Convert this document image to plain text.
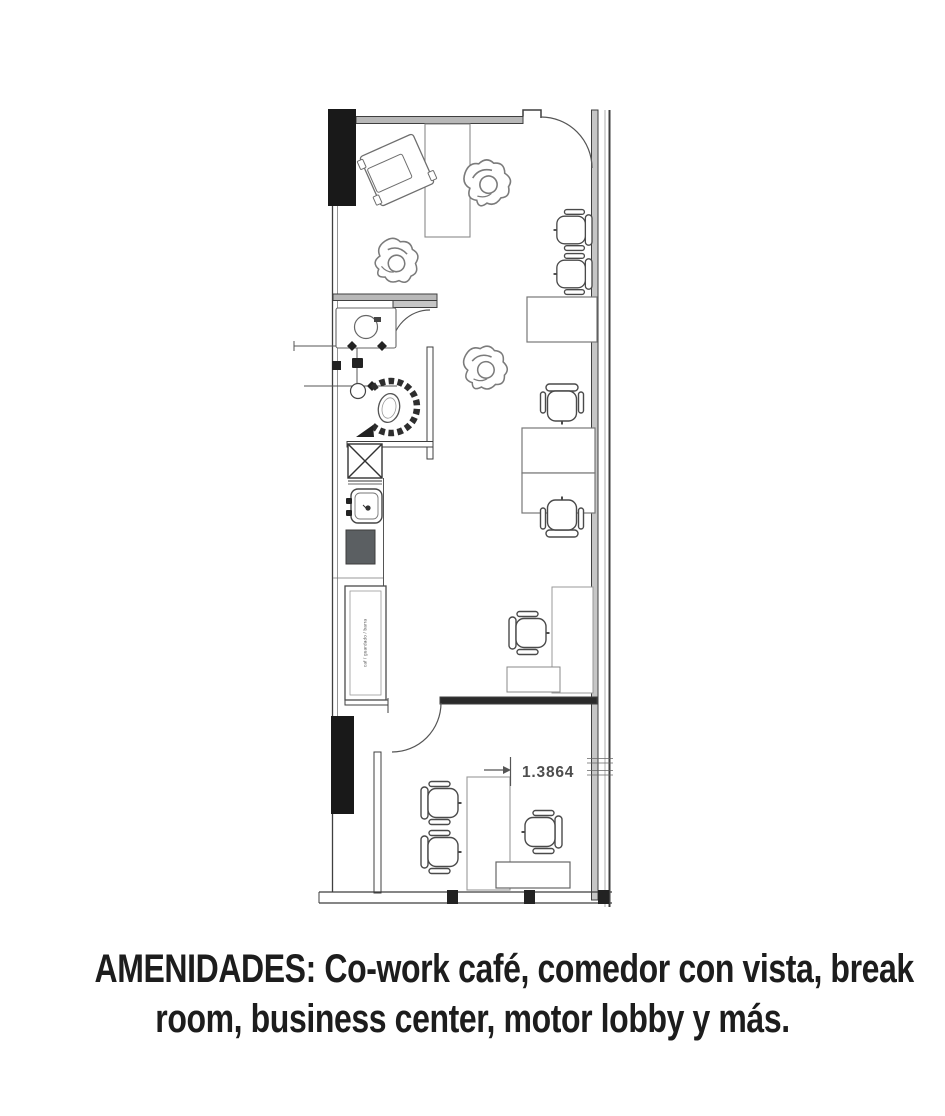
caf / guardado / barra
1.3864
AMENIDADES: Co-work café, comedor con vista, break
room, business center, motor lobby y más.
